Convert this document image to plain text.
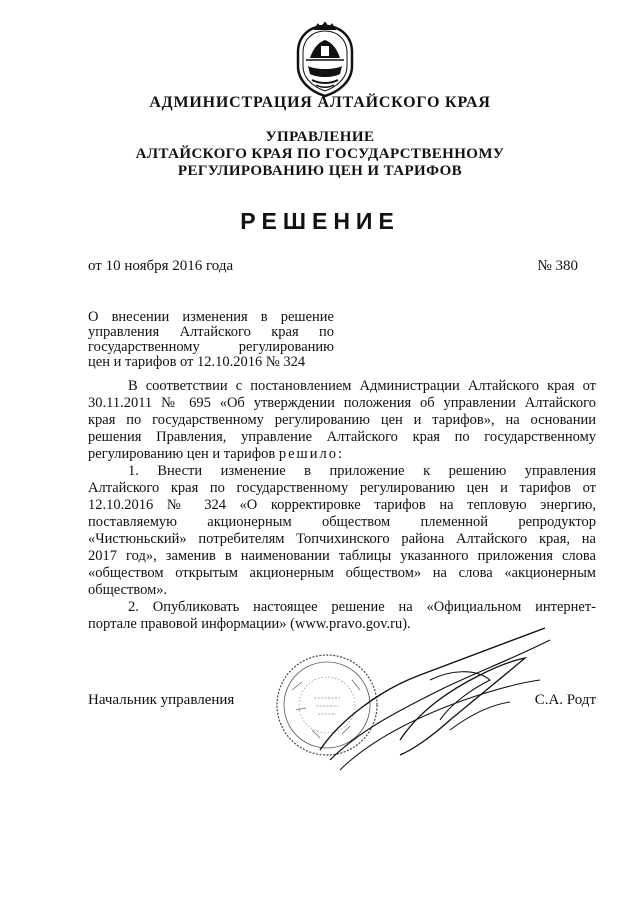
АДМИНИСТРАЦИЯ АЛТАЙСКОГО КРАЯ
УПРАВЛЕНИЕ
АЛТАЙСКОГО КРАЯ ПО ГОСУДАРСТВЕННОМУ
РЕГУЛИРОВАНИЮ ЦЕН И ТАРИФОВ
РЕШЕНИЕ
от 10 ноября 2016 года	№ 380
О внесении изменения в решение
управления Алтайского края по
государственному регулированию
цен и тарифов от 12.10.2016 № 324
В соответствии с постановлением Администрации Алтайского края от
30.11.2011 № 695 «Об утверждении положения об управлении Алтайского
края по государственному регулированию цен и тарифов», на основании
решения Правления, управление Алтайского края по государственному
регулированию цен и тарифов решило:
1. Внести изменение в приложение к решению управления
Алтайского края по государственному регулированию цен и тарифов от
12.10.2016 № 324 «О корректировке тарифов на тепловую энергию,
поставляемую акционерным обществом племенной репродуктор
«Чистюньский» потребителям Топчихинского района Алтайского края, на
2017 год», заменив в наименовании таблицы указанного приложения слова
«обществом открытым акционерным обществом» на слова «акционерным
обществом».
2. Опубликовать настоящее решение на «Официальном интернет-
портале правовой информации» (www.pravo.gov.ru).
Начальник управления	С.А. Родт
